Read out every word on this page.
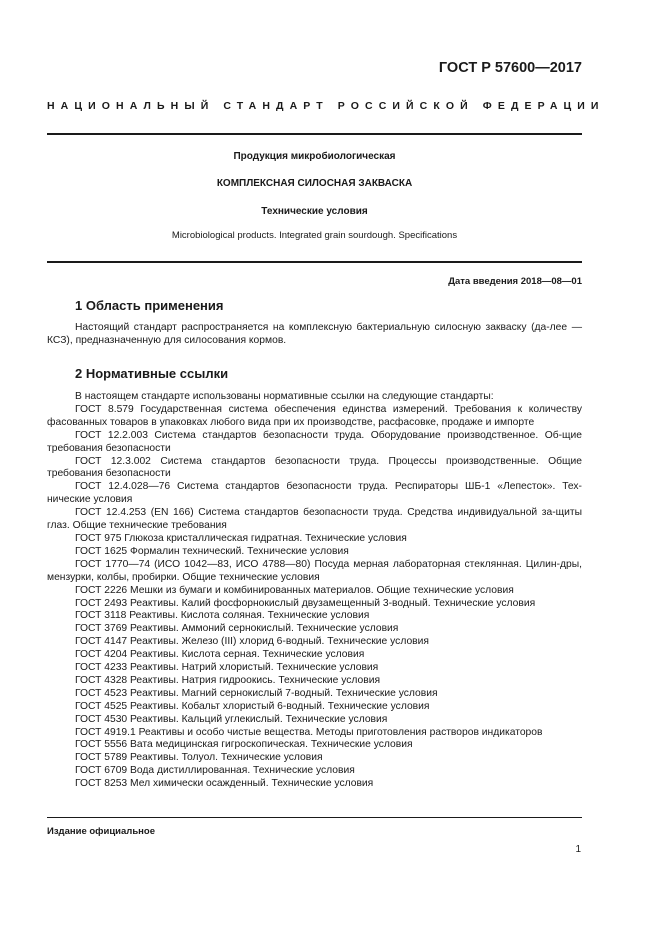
ГОСТ Р 57600—2017
НАЦИОНАЛЬНЫЙ СТАНДАРТ РОССИЙСКОЙ ФЕДЕРАЦИИ
Продукция микробиологическая
КОМПЛЕКСНАЯ СИЛОСНАЯ ЗАКВАСКА
Технические условия
Microbiological products. Integrated grain sourdough. Specifications
Дата введения 2018—08—01
1 Область применения

Настоящий стандарт распространяется на комплексную бактериальную силосную закваску (да-лее — КСЗ), предназначенную для силосования кормов.

2 Нормативные ссылки

В настоящем стандарте использованы нормативные ссылки на следующие стандарты:

ГОСТ 8.579 Государственная система обеспечения единства измерений. Требования к количеству фасованных товаров в упаковках любого вида при их производстве, расфасовке, продаже и импорте

ГОСТ 12.2.003 Система стандартов безопасности труда. Оборудование производственное. Об-щие требования безопасности

ГОСТ 12.3.002 Система стандартов безопасности труда. Процессы производственные. Общие требования безопасности

ГОСТ 12.4.028—76 Система стандартов безопасности труда. Респираторы ШБ-1 «Лепесток». Тех-нические условия

ГОСТ 12.4.253 (EN 166) Система стандартов безопасности труда. Средства индивидуальной за-щиты глаз. Общие технические требования

ГОСТ 975 Глюкоза кристаллическая гидратная. Технические условия

ГОСТ 1625 Формалин технический. Технические условия

ГОСТ 1770—74 (ИСО 1042—83, ИСО 4788—80) Посуда мерная лабораторная стеклянная. Цилин-дры, мензурки, колбы, пробирки. Общие технические условия

ГОСТ 2226 Мешки из бумаги и комбинированных материалов. Общие технические условия

ГОСТ 2493 Реактивы. Калий фосфорнокислый двузамещенный 3-водный. Технические условия

ГОСТ 3118 Реактивы. Кислота соляная. Технические условия

ГОСТ 3769 Реактивы. Аммоний сернокислый. Технические условия

ГОСТ 4147 Реактивы. Железо (III) хлорид 6-водный. Технические условия

ГОСТ 4204 Реактивы. Кислота серная. Технические условия

ГОСТ 4233 Реактивы. Натрий хлористый. Технические условия

ГОСТ 4328 Реактивы. Натрия гидроокись. Технические условия

ГОСТ 4523 Реактивы. Магний сернокислый 7-водный. Технические условия

ГОСТ 4525 Реактивы. Кобальт хлористый 6-водный. Технические условия

ГОСТ 4530 Реактивы. Кальций углекислый. Технические условия

ГОСТ 4919.1 Реактивы и особо чистые вещества. Методы приготовления растворов индикаторов

ГОСТ 5556 Вата медицинская гигроскопическая. Технические условия

ГОСТ 5789 Реактивы. Толуол. Технические условия

ГОСТ 6709 Вода дистиллированная. Технические условия

ГОСТ 8253 Мел химически осажденный. Технические условия

Издание официальное
1
